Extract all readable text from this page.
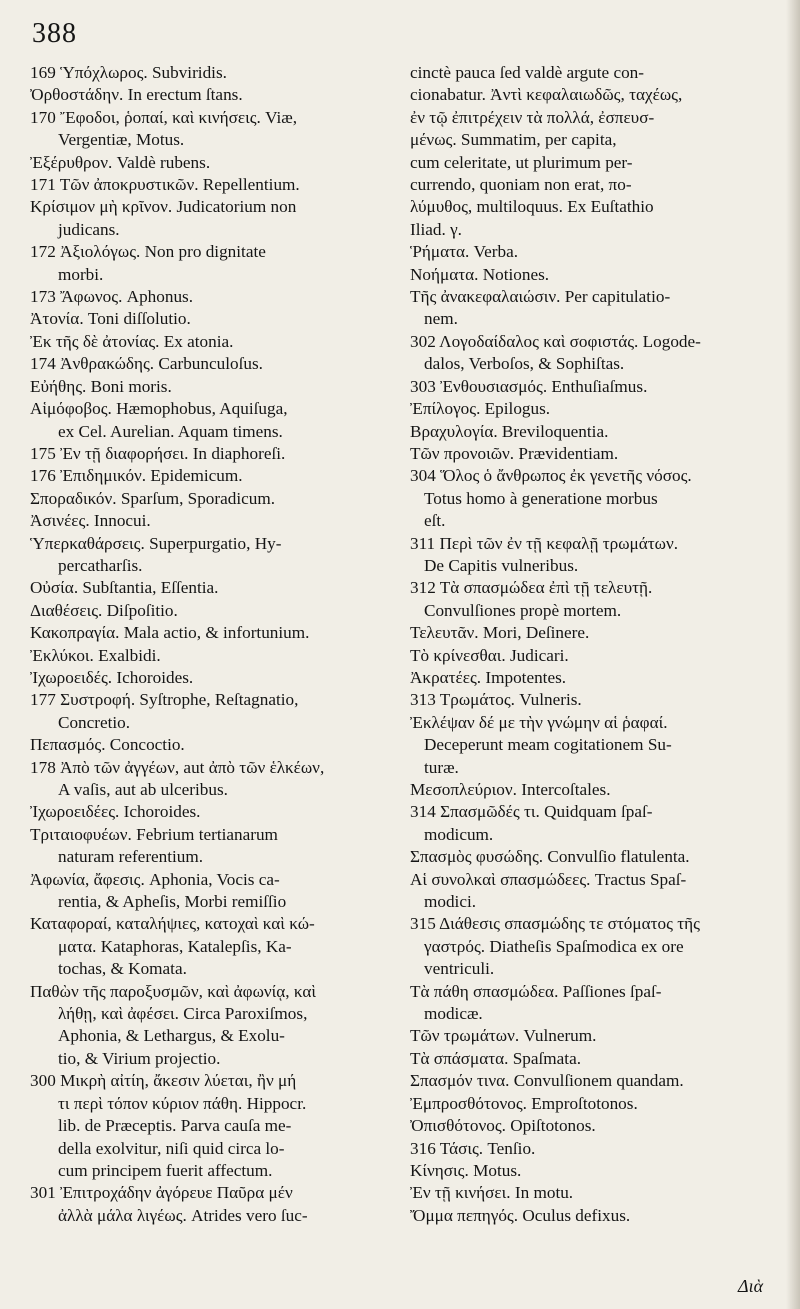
388
169 Ὑπόχλωρος. Subviridis.
Ὀρθοστάδην. In erectum ſtans.
170 Ἔφοδοι, ῥοπαί, καὶ κινήσεις. Viæ,
Vergentiæ, Motus.
Ἐξέρυθρον. Valdè rubens.
171 Τῶν ἀποκρυστικῶν. Repellentium.
Κρίσιμον μὴ κρῖνον. Judicatorium non
judicans.
172 Ἀξιολόγως. Non pro dignitate
morbi.
173 Ἄφωνος. Aphonus.
Ἀτονία. Toni diſſolutio.
Ἐκ τῆς δὲ ἀτονίας. Ex atonia.
174 Ἀνθρακώδης. Carbunculoſus.
Εὐήθης. Boni moris.
Αἱμόφοβος. Hæmophobus, Aquiſuga,
ex Cel. Aurelian. Aquam timens.
175 Ἐν τῇ διαφορήσει. In diaphoreſi.
176 Ἐπιδημικόν. Epidemicum.
Σποραδικόν. Sparſum, Sporadicum.
Ἀσινέες. Innocui.
Ὑπερκαθάρσεις. Superpurgatio, Hy-
percatharſis.
Οὐσία. Subſtantia, Eſſentia.
Διαθέσεις. Diſpoſitio.
Κακοπραγία. Mala actio, & infortunium.
Ἐκλύκοι. Exalbidi.
Ἰχωροειδές. Ichoroides.
177 Συστροφή. Syſtrophe, Reſtagnatio,
Concretio.
Πεπασμός. Concoctio.
178 Ἀπὸ τῶν ἀγγέων, aut ἀπὸ τῶν ἑλκέων,
A vaſis, aut ab ulceribus.
Ἰχωροειδέες. Ichoroides.
Τριταιοφυέων. Febrium tertianarum
naturam referentium.
Ἀφωνία, ἄφεσις. Aphonia, Vocis ca-
rentia, & Apheſis, Morbi remiſſio
Καταφοραί, καταλήψιες, κατοχαὶ καὶ κώ-
ματα. Kataphoras, Katalepſis, Ka-
tochas, & Komata.
Παθὼν τῆς παροξυσμῶν, καὶ ἀφωνίᾳ, καὶ
λήθῃ, καὶ ἀφέσει. Circa Paroxiſmos,
Aphonia, & Lethargus, & Exolu-
tio, & Virium projectio.
300 Μικρὴ αἰτίη, ἄκεσιν λύεται, ἢν μή
τι περὶ τόπον κύριον πάθη. Hippocr.
lib. de Præceptis. Parva cauſa me-
della exolvitur, niſi quid circa lo-
cum principem fuerit affectum.
301 Ἐπιτροχάδην ἀγόρευε Παῦρα μέν
ἀλλὰ μάλα λιγέως. Atrides vero ſuc-
cinctè pauca ſed valdè argute con-
cionabatur. Ἀντὶ κεφαλαιωδῶς, ταχέως,
ἐν τῷ ἐπιτρέχειν τὰ πολλά, ἐσπευσ-
μένως. Summatim, per capita,
cum celeritate, ut plurimum per-
currendo, quoniam non erat, πο-
λύμυθος, multiloquus. Ex Euſtathio
Iliad. γ.
Ῥήματα. Verba.
Νοήματα. Notiones.
Τῆς ἀνακεφαλαιώσιν. Per capitulatio-
nem.
302 Λογοδαίδαλος καὶ σοφιστάς. Logode-
dalos, Verboſos, & Sophiſtas.
303 Ἐνθουσιασμός. Enthuſiaſmus.
Ἐπίλογος. Epilogus.
Βραχυλογία. Breviloquentia.
Τῶν προνοιῶν. Prævidentiam.
304 Ὅλος ὁ ἄνθρωπος ἐκ γενετῆς νόσος.
Totus homo à generatione morbus
eſt.
311 Περὶ τῶν ἐν τῇ κεφαλῇ τρωμάτων.
De Capitis vulneribus.
312 Τὰ σπασμώδεα ἐπὶ τῇ τελευτῇ.
Convulſiones propè mortem.
Τελευτᾶν. Mori, Deſinere.
Τὸ κρίνεσθαι. Judicari.
Ἀκρατέες. Impotentes.
313 Τρωμάτος. Vulneris.
Ἐκλέψαν δέ με τὴν γνώμην αἱ ῥαφαί.
Deceperunt meam cogitationem Su-
turæ.
Μεσοπλεύριον. Intercoſtales.
314 Σπασμῶδές τι. Quidquam ſpaſ-
modicum.
Σπασμὸς φυσώδης. Convulſio flatulenta.
Αἱ συνολκαὶ σπασμώδεες. Tractus Spaſ-
modici.
315 Διάθεσις σπασμώδης τε στόματος τῆς
γαστρός. Diatheſis Spaſmodica ex ore
ventriculi.
Τὰ πάθη σπασμώδεα. Paſſiones ſpaſ-
modicæ.
Τῶν τρωμάτων. Vulnerum.
Τὰ σπάσματα. Spaſmata.
Σπασμόν τινα. Convulſionem quandam.
Ἐμπροσθότονος. Emproſtotonos.
Ὀπισθότονος. Opiſtotonos.
316 Τάσις. Tenſio.
Κίνησις. Motus.
Ἐν τῇ κινήσει. In motu.
Ὄμμα πεπηγός. Oculus defixus.
Διὰ
